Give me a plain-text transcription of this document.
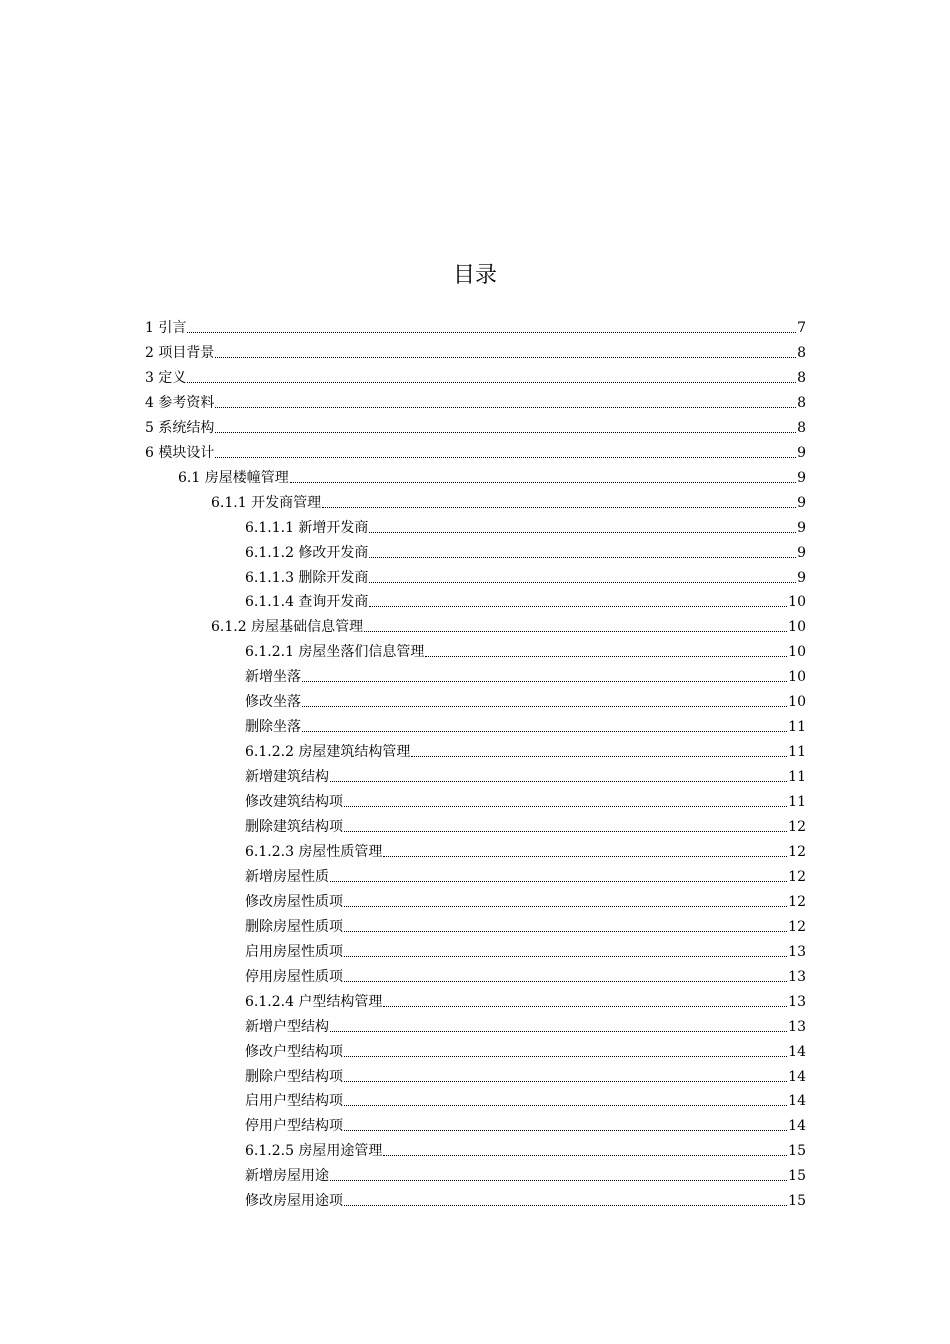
目录
1 引言	7
2 项目背景	8
3 定义	8
4 参考资料	8
5 系统结构	8
6 模块设计	9
6.1 房屋楼幢管理	9
6.1.1 开发商管理	9
6.1.1.1 新增开发商	9
6.1.1.2 修改开发商	9
6.1.1.3 删除开发商	9
6.1.1.4 查询开发商	10
6.1.2 房屋基础信息管理	10
6.1.2.1 房屋坐落们信息管理	10
新增坐落	10
修改坐落	10
删除坐落	11
6.1.2.2 房屋建筑结构管理	11
新增建筑结构	11
修改建筑结构项	11
删除建筑结构项	12
6.1.2.3 房屋性质管理	12
新增房屋性质	12
修改房屋性质项	12
删除房屋性质项	12
启用房屋性质项	13
停用房屋性质项	13
6.1.2.4 户型结构管理	13
新增户型结构	13
修改户型结构项	14
删除户型结构项	14
启用户型结构项	14
停用户型结构项	14
6.1.2.5 房屋用途管理	15
新增房屋用途	15
修改房屋用途项	15
